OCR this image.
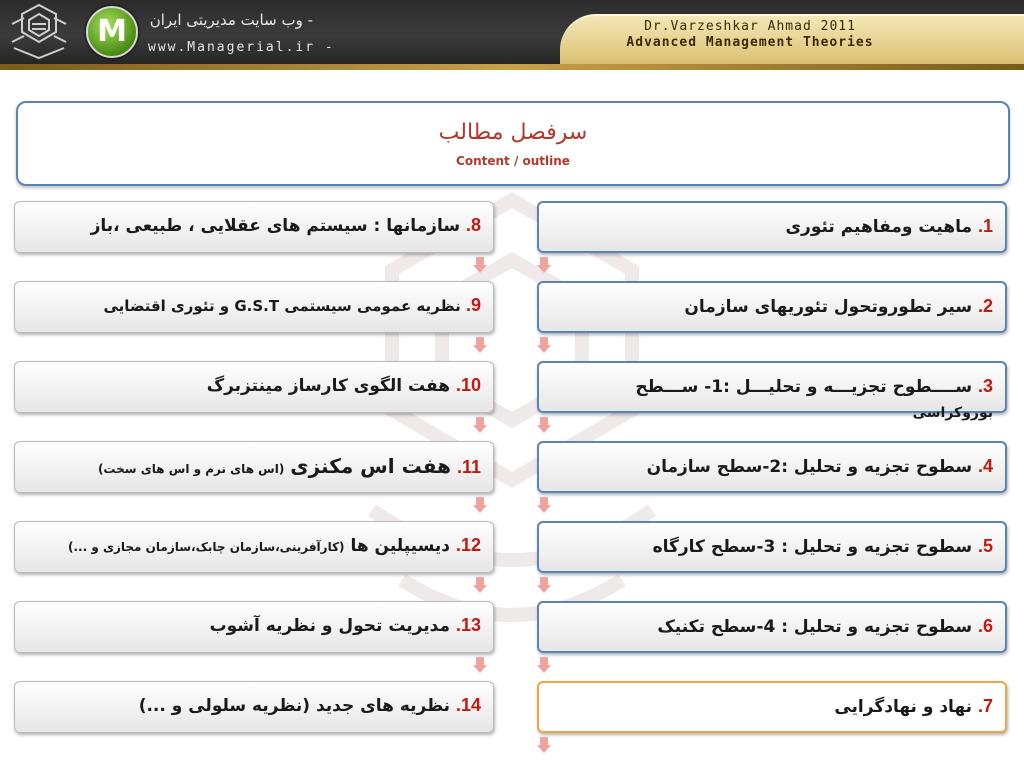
M	- وب سایت مدیریتی ایران
www.Managerial.ir -
Dr.Varzeshkar Ahmad 2011
Advanced Management Theories
سرفصل مطالب
Content / outline
1. ماهیت ومفاهیم تئوری
2. سیر تطوروتحول تئوریهای سازمان
3. ســــطوح تجزیـــه و تحلیـــل :1- ســـطح
بوروکراسی
4. سطوح تجزیه و تحلیل :2-سطح سازمان
5. سطوح تجزیه و تحلیل : 3-سطح کارگاه
6. سطوح تجزیه و تحلیل : 4-سطح تکنیک
7. نهاد و نهادگرایی
8. سازمانها : سیستم های عقلایی ، طبیعی ،باز
9. نظریه عمومی سیستمی G.S.T و تئوری اقتضایی
10. هفت الگوی کارساز مینتزبرگ
11. هفت اس مکنزی (اس های نرم و اس های سخت)
12. دیسیپلین ها (کارآفرینی،سازمان چابک،سازمان مجازی و ...)
13. مدیریت تحول و نظریه آشوب
14. نظریه های جدید (نظریه سلولی و ...)
